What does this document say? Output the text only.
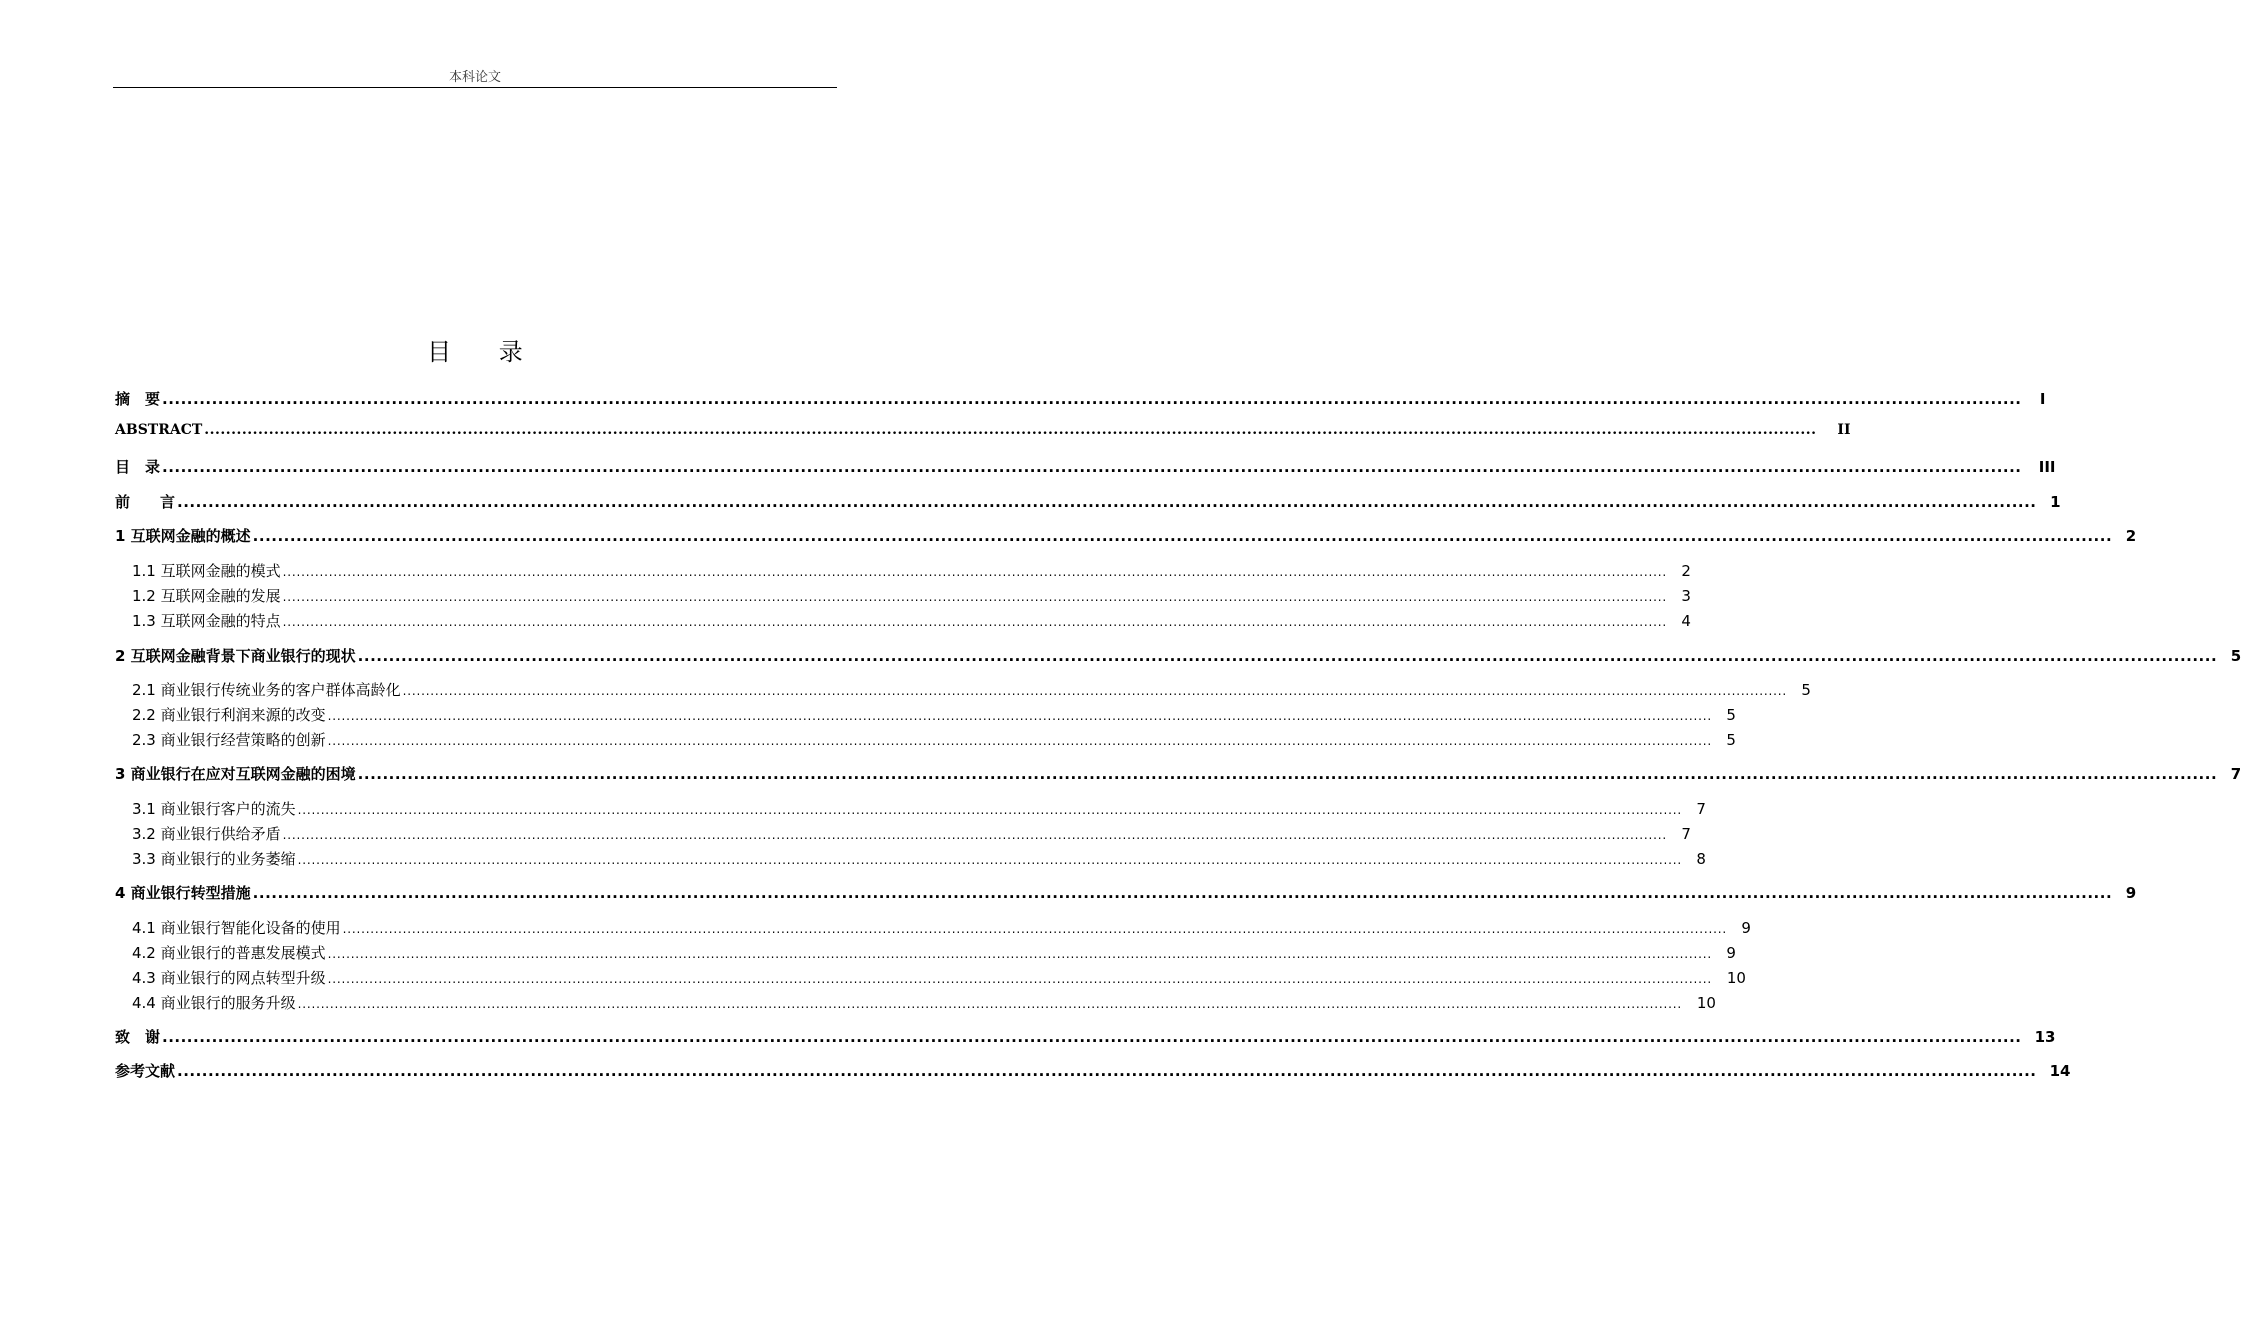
本科论文
目 录
摘　要 ............................................................................................................................................................................................................................................................................................................	I
ABSTRACT ............................................................................................................................................................................................................................................................................................................	II
目　录 ............................................................................................................................................................................................................................................................................................................	III
前　　言 ............................................................................................................................................................................................................................................................................................................ 1
1 互联网金融的概述 ............................................................................................................................................................................................................................................................................................................ 2
1.1 互联网金融的模式 ............................................................................................................................................................................................................................................................................................................ 2
1.2 互联网金融的发展 ............................................................................................................................................................................................................................................................................................................ 3
1.3 互联网金融的特点 ............................................................................................................................................................................................................................................................................................................ 4
2 互联网金融背景下商业银行的现状 ............................................................................................................................................................................................................................................................................................................ 5
2.1 商业银行传统业务的客户群体高龄化 ............................................................................................................................................................................................................................................................................................................ 5
2.2 商业银行利润来源的改变 ............................................................................................................................................................................................................................................................................................................ 5
2.3 商业银行经营策略的创新 ............................................................................................................................................................................................................................................................................................................ 5
3 商业银行在应对互联网金融的困境 ............................................................................................................................................................................................................................................................................................................ 7
3.1 商业银行客户的流失 ............................................................................................................................................................................................................................................................................................................ 7
3.2 商业银行供给矛盾 ............................................................................................................................................................................................................................................................................................................ 7
3.3 商业银行的业务萎缩 ............................................................................................................................................................................................................................................................................................................ 8
4 商业银行转型措施 ............................................................................................................................................................................................................................................................................................................ 9
4.1 商业银行智能化设备的使用 ............................................................................................................................................................................................................................................................................................................ 9
4.2 商业银行的普惠发展模式 ............................................................................................................................................................................................................................................................................................................ 9
4.3 商业银行的网点转型升级 ............................................................................................................................................................................................................................................................................................................ 10
4.4 商业银行的服务升级 ............................................................................................................................................................................................................................................................................................................ 10
致　谢 ............................................................................................................................................................................................................................................................................................................ 13
参考文献 ............................................................................................................................................................................................................................................................................................................ 14
